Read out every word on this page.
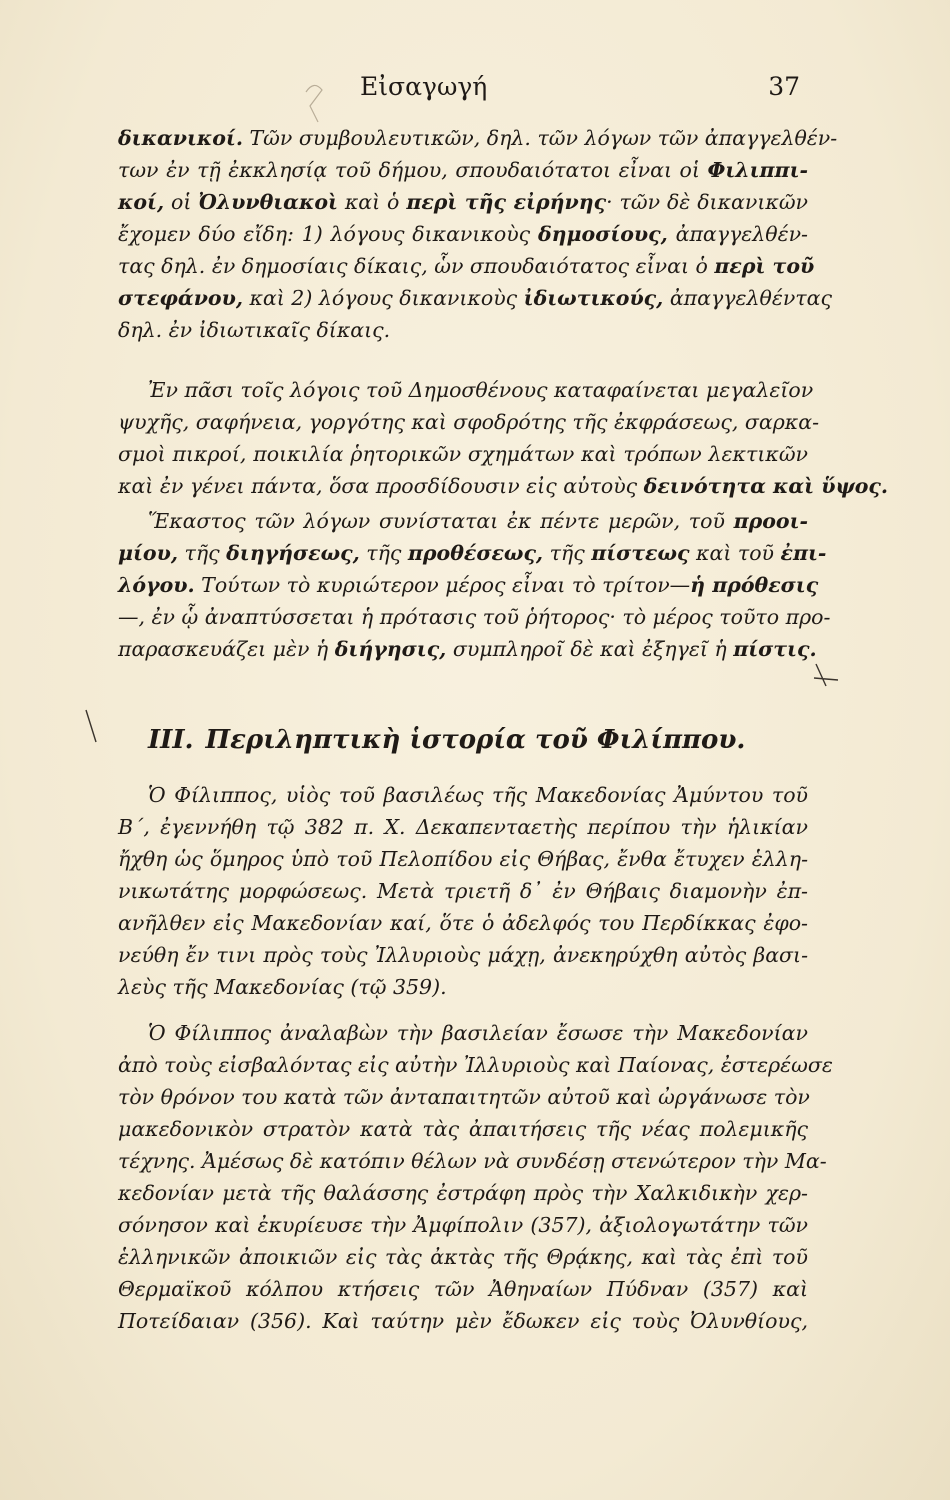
Εἰσαγωγή	37
δικανικοί. Τῶν συμβουλευτικῶν, δηλ. τῶν λόγων τῶν ἀπαγγελθέν-
των ἐν τῇ ἐκκλησίᾳ τοῦ δήμου, σπουδαιότατοι εἶναι οἱ Φιλιππι-
κοί, οἱ Ὀλυνθιακοὶ καὶ ὁ περὶ τῆς εἰρήνης· τῶν δὲ δικανικῶν
ἔχομεν δύο εἴδη: 1) λόγους δικανικοὺς δημοσίους, ἀπαγγελθέν-
τας δηλ. ἐν δημοσίαις δίκαις, ὧν σπουδαιότατος εἶναι ὁ περὶ τοῦ
στεφάνου, καὶ 2) λόγους δικανικοὺς ἰδιωτικούς, ἀπαγγελθέντας
δηλ. ἐν ἰδιωτικαῖς δίκαις.
Ἐν πᾶσι τοῖς λόγοις τοῦ Δημοσθένους καταφαίνεται μεγαλεῖον
ψυχῆς, σαφήνεια, γοργότης καὶ σφοδρότης τῆς ἐκφράσεως, σαρκα-
σμοὶ πικροί, ποικιλία ῥητορικῶν σχημάτων καὶ τρόπων λεκτικῶν
καὶ ἐν γένει πάντα, ὅσα προσδίδουσιν εἰς αὐτοὺς δεινότητα καὶ ὕψος.
Ἕκαστος τῶν λόγων συνίσταται ἐκ πέντε μερῶν, τοῦ προοι-
μίου, τῆς διηγήσεως, τῆς προθέσεως, τῆς πίστεως καὶ τοῦ ἐπι-
λόγου. Τούτων τὸ κυριώτερον μέρος εἶναι τὸ τρίτον—ἡ πρόθεσις
—, ἐν ᾧ ἀναπτύσσεται ἡ πρότασις τοῦ ῥήτορος· τὸ μέρος τοῦτο προ-
παρασκευάζει μὲν ἡ διήγησις, συμπληροῖ δὲ καὶ ἐξηγεῖ ἡ πίστις.
III. Περιληπτικὴ ἱστορία τοῦ Φιλίππου.
Ὁ Φίλιππος, υἱὸς τοῦ βασιλέως τῆς Μακεδονίας Ἀμύντου τοῦ
Β΄, ἐγεννήθη τῷ 382 π. Χ. Δεκαπενταετὴς περίπου τὴν ἡλικίαν
ἤχθη ὡς ὅμηρος ὑπὸ τοῦ Πελοπίδου εἰς Θήβας, ἔνθα ἔτυχεν ἑλλη-
νικωτάτης μορφώσεως. Μετὰ τριετῆ δ᾽ ἐν Θήβαις διαμονὴν ἐπ-
ανῆλθεν εἰς Μακεδονίαν καί, ὅτε ὁ ἀδελφός του Περδίκκας ἐφο-
νεύθη ἔν τινι πρὸς τοὺς Ἰλλυριοὺς μάχῃ, ἀνεκηρύχθη αὐτὸς βασι-
λεὺς τῆς Μακεδονίας (τῷ 359).
Ὁ Φίλιππος ἀναλαβὼν τὴν βασιλείαν ἔσωσε τὴν Μακεδονίαν
ἀπὸ τοὺς εἰσβαλόντας εἰς αὐτὴν Ἰλλυριοὺς καὶ Παίονας, ἐστερέωσε
τὸν θρόνον του κατὰ τῶν ἀνταπαιτητῶν αὐτοῦ καὶ ὠργάνωσε τὸν
μακεδονικὸν στρατὸν κατὰ τὰς ἀπαιτήσεις τῆς νέας πολεμικῆς
τέχνης. Ἀμέσως δὲ κατόπιν θέλων νὰ συνδέσῃ στενώτερον τὴν Μα-
κεδονίαν μετὰ τῆς θαλάσσης ἐστράφη πρὸς τὴν Χαλκιδικὴν χερ-
σόνησον καὶ ἐκυρίευσε τὴν Ἀμφίπολιν (357), ἀξιολογωτάτην τῶν
ἑλληνικῶν ἀποικιῶν εἰς τὰς ἀκτὰς τῆς Θρᾴκης, καὶ τὰς ἐπὶ τοῦ
Θερμαϊκοῦ κόλπου κτήσεις τῶν Ἀθηναίων Πύδναν (357) καὶ
Ποτείδαιαν (356). Καὶ ταύτην μὲν ἔδωκεν εἰς τοὺς Ὀλυνθίους,
